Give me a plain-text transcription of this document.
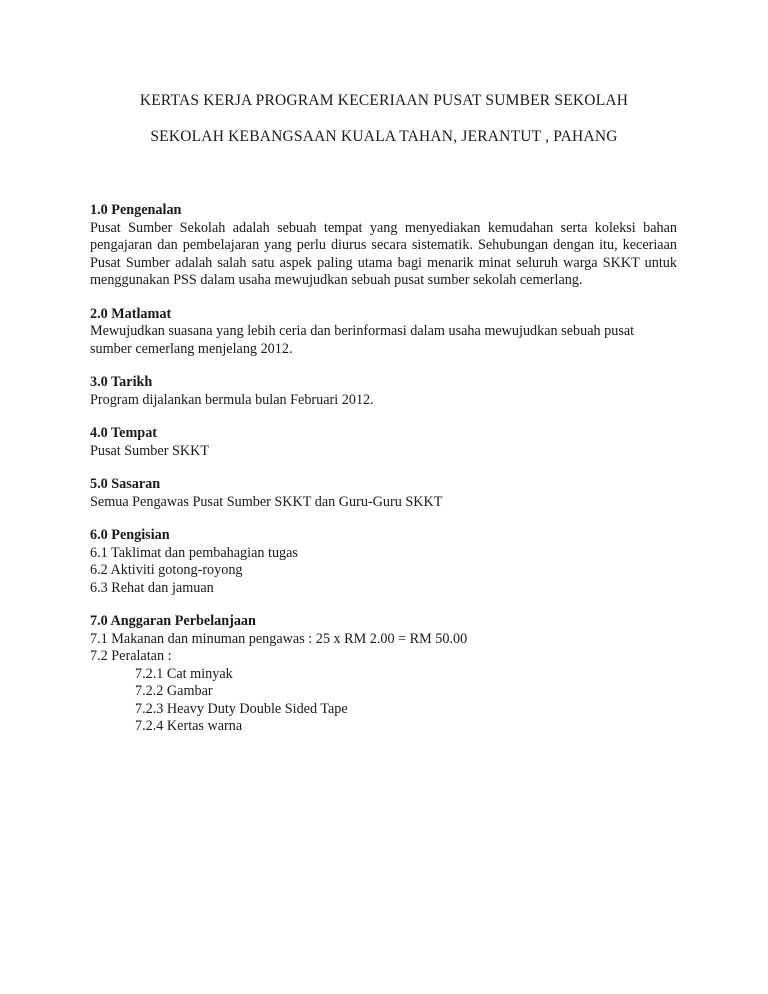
KERTAS KERJA PROGRAM KECERIAAN PUSAT SUMBER SEKOLAH
SEKOLAH KEBANGSAAN KUALA TAHAN, JERANTUT , PAHANG
1.0 Pengenalan
Pusat Sumber Sekolah adalah sebuah tempat yang menyediakan kemudahan serta koleksi bahan pengajaran dan pembelajaran yang perlu diurus secara sistematik. Sehubungan dengan itu, keceriaan Pusat Sumber adalah salah satu aspek paling utama bagi menarik minat seluruh warga SKKT untuk menggunakan PSS dalam usaha mewujudkan sebuah pusat sumber sekolah cemerlang.
2.0 Matlamat
Mewujudkan suasana yang lebih ceria dan berinformasi dalam usaha mewujudkan sebuah pusat sumber cemerlang menjelang 2012.
3.0 Tarikh
Program dijalankan bermula bulan Februari 2012.
4.0 Tempat
Pusat Sumber SKKT
5.0 Sasaran
Semua Pengawas Pusat Sumber SKKT dan Guru-Guru SKKT
6.0 Pengisian
6.1 Taklimat dan pembahagian tugas
6.2 Aktiviti gotong-royong
6.3 Rehat dan jamuan
7.0 Anggaran Perbelanjaan
7.1 Makanan dan minuman pengawas : 25 x RM 2.00 = RM 50.00
7.2 Peralatan :
7.2.1 Cat minyak
7.2.2 Gambar
7.2.3 Heavy Duty Double Sided Tape
7.2.4 Kertas warna
